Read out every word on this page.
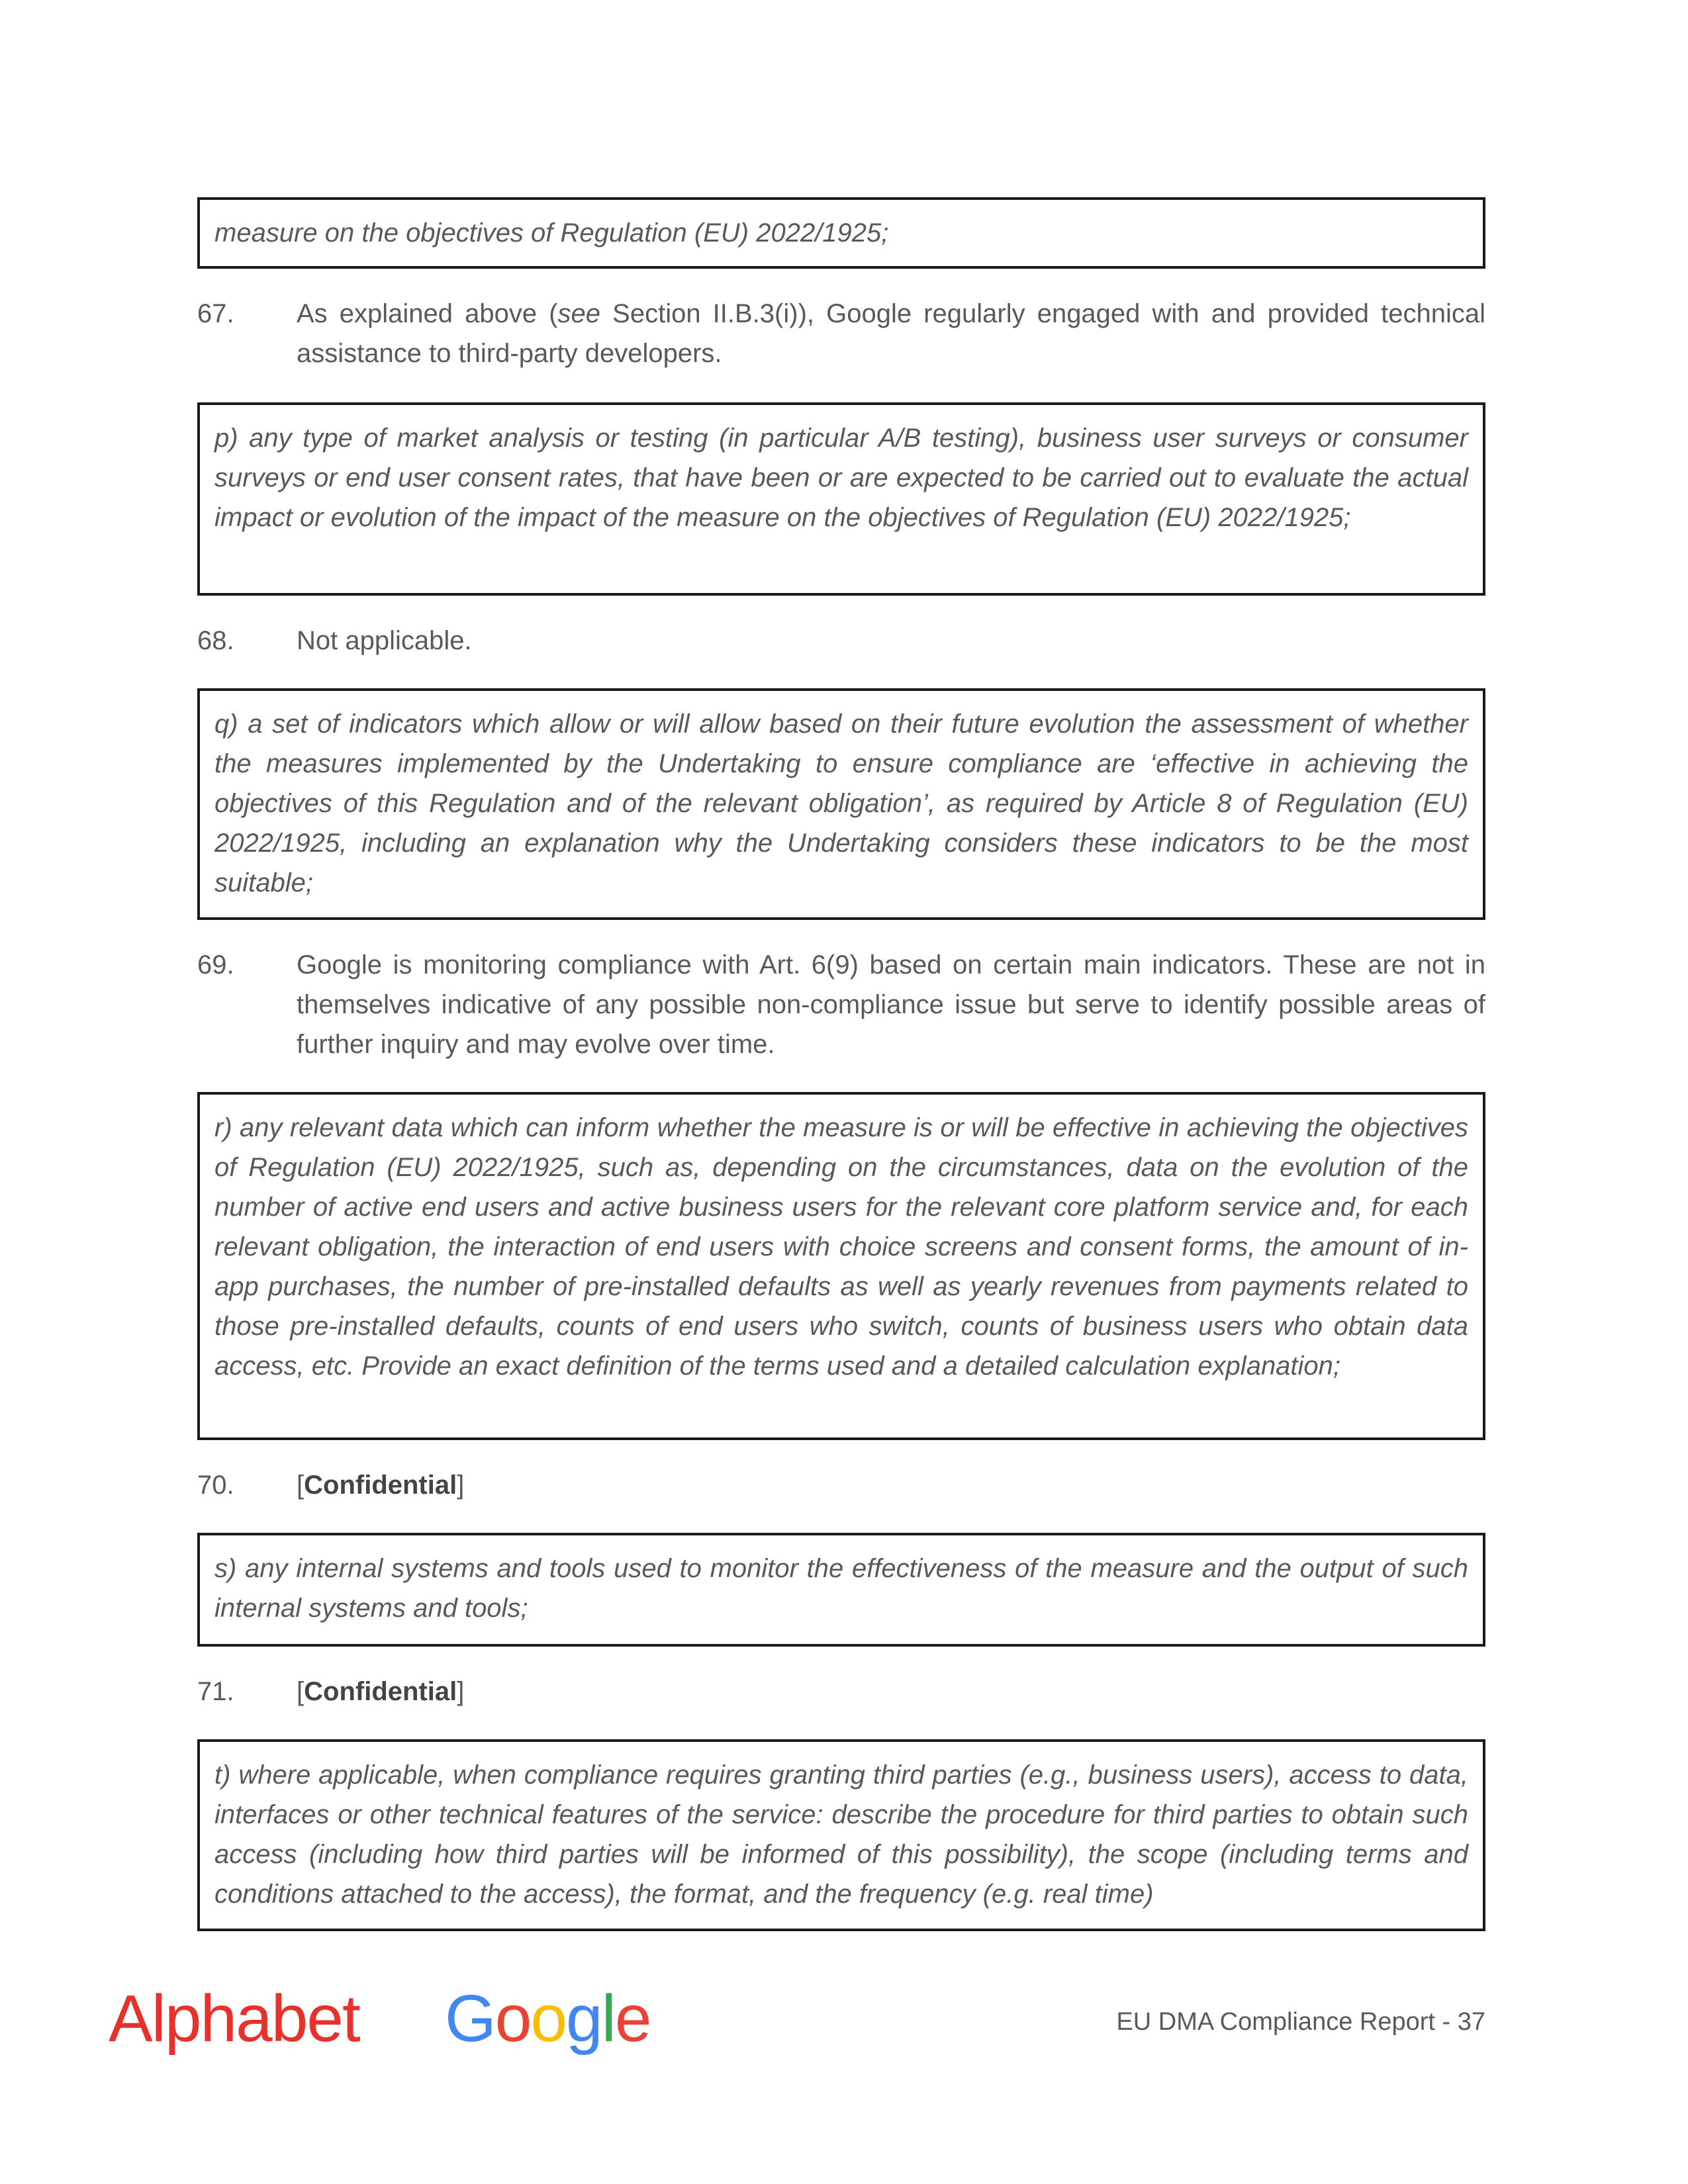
measure on the objectives of Regulation (EU) 2022/1925;
67. As explained above (see Section II.B.3(i)), Google regularly engaged with and provided technical assistance to third-party developers.
p) any type of market analysis or testing (in particular A/B testing), business user surveys or consumer surveys or end user consent rates, that have been or are expected to be carried out to evaluate the actual impact or evolution of the impact of the measure on the objectives of Regulation (EU) 2022/1925;
68. Not applicable.
q) a set of indicators which allow or will allow based on their future evolution the assessment of whether the measures implemented by the Undertaking to ensure compliance are ‘effective in achieving the objectives of this Regulation and of the relevant obligation’, as required by Article 8 of Regulation (EU) 2022/1925, including an explanation why the Undertaking considers these indicators to be the most suitable;
69. Google is monitoring compliance with Art. 6(9) based on certain main indicators. These are not in themselves indicative of any possible non-compliance issue but serve to identify possible areas of further inquiry and may evolve over time.
r) any relevant data which can inform whether the measure is or will be effective in achieving the objectives of Regulation (EU) 2022/1925, such as, depending on the circumstances, data on the evolution of the number of active end users and active business users for the relevant core platform service and, for each relevant obligation, the interaction of end users with choice screens and consent forms, the amount of in-app purchases, the number of pre-installed defaults as well as yearly revenues from payments related to those pre-installed defaults, counts of end users who switch, counts of business users who obtain data access, etc. Provide an exact definition of the terms used and a detailed calculation explanation;
70. [Confidential]
s) any internal systems and tools used to monitor the effectiveness of the measure and the output of such internal systems and tools;
71. [Confidential]
t) where applicable, when compliance requires granting third parties (e.g., business users), access to data, interfaces or other technical features of the service: describe the procedure for third parties to obtain such access (including how third parties will be informed of this possibility), the scope (including terms and conditions attached to the access), the format, and the frequency (e.g. real time)
Alphabet Google	EU DMA Compliance Report - 37
